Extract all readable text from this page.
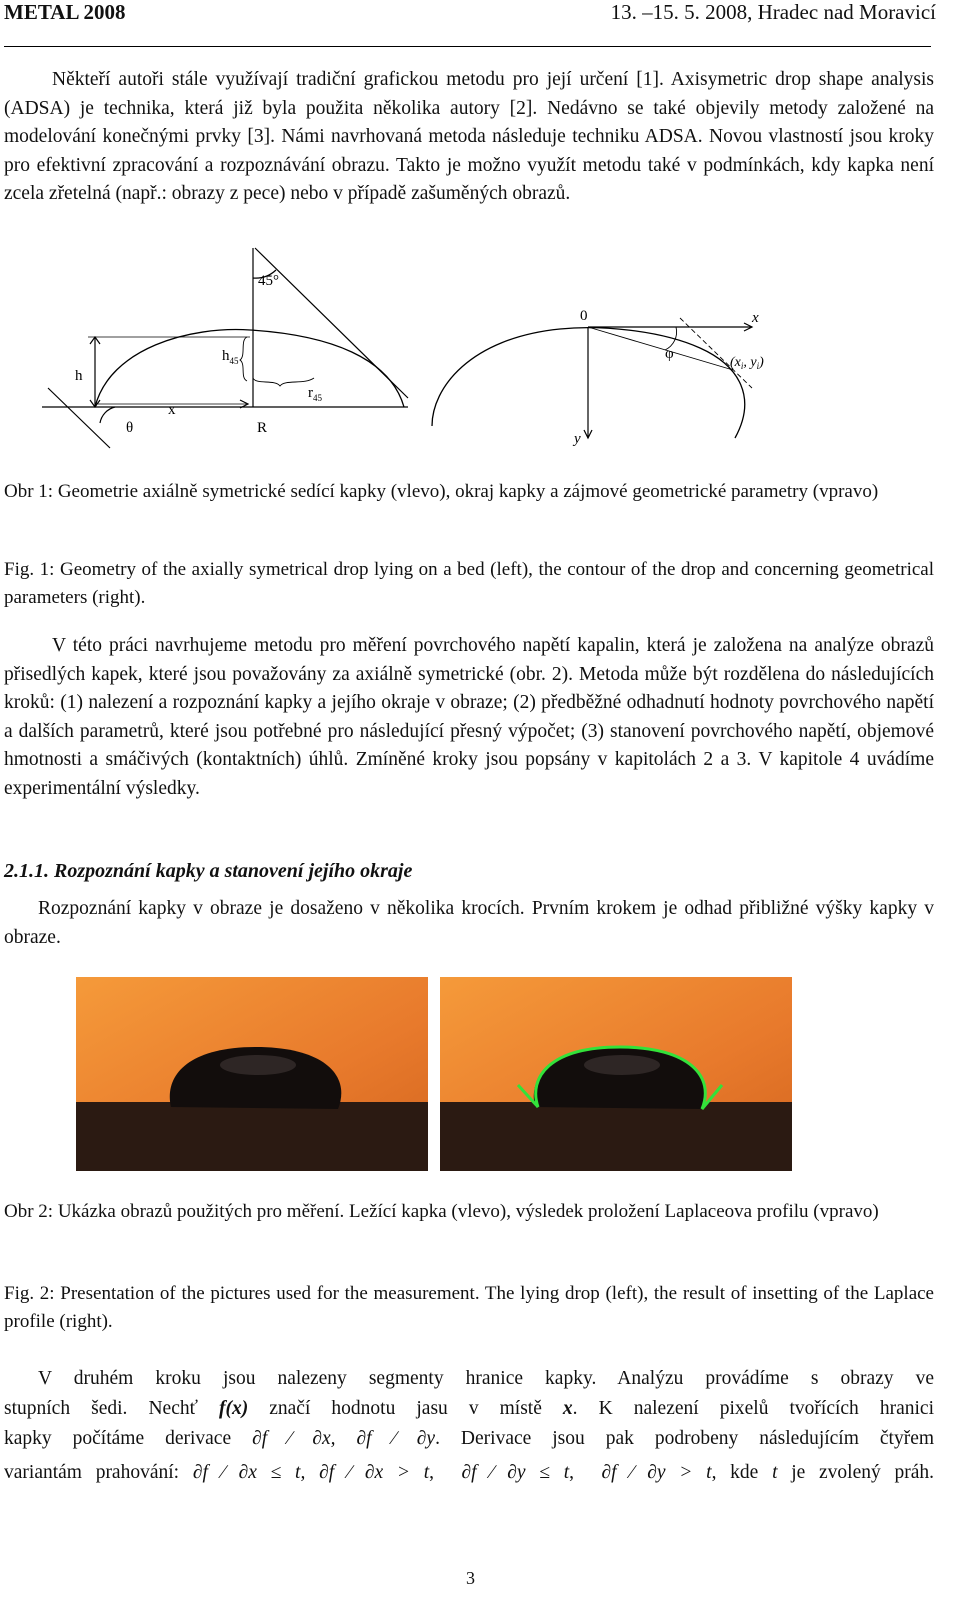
METAL 2008	13. –15. 5. 2008, Hradec nad Moravicí
Někteří autoři stále využívají tradiční grafickou metodu pro její určení [1]. Axisymetric drop shape analysis (ADSA) je technika, která již byla použita několika autory [2]. Nedávno se také objevily metody založené na modelování konečnými prvky [3]. Námi navrhovaná metoda následuje techniku ADSA. Novou vlastností jsou kroky pro efektivní zpracování a rozpoznávání obrazu. Takto je možno využít metodu také v podmínkách, kdy kapka není zcela zřetelná (např.: obrazy z pece) nebo v případě zašuměných obrazů.
45°
h
$h_{45}$
$r_{45}$
x
θ	R
0	x
y
φ
($x_i$, $y_i$)
Obr 1: Geometrie axiálně symetrické sedící kapky (vlevo), okraj kapky a zájmové geometrické parametry (vpravo)
Fig. 1: Geometry of the axially symetrical drop lying on a bed (left), the contour of the drop and concerning geometrical parameters (right).
V této práci navrhujeme metodu pro měření povrchového napětí kapalin, která je založena na analýze obrazů přisedlých kapek, které jsou považovány za axiálně symetrické (obr. 2). Metoda může být rozdělena do následujících kroků: (1) nalezení a rozpoznání kapky a jejího okraje v obraze; (2) předběžné odhadnutí hodnoty povrchového napětí a dalších parametrů, které jsou potřebné pro následující přesný výpočet; (3) stanovení povrchového napětí, objemové hmotnosti a smáčivých (kontaktních) úhlů. Zmíněné kroky jsou popsány v kapitolách 2 a 3. V kapitole 4 uvádíme experimentální výsledky.
2.1.1. Rozpoznání kapky a stanovení jejího okraje
Rozpoznání kapky v obraze je dosaženo v několika krocích. Prvním krokem je odhad přibližné výšky kapky v obraze.
Obr 2: Ukázka obrazů použitých pro měření. Ležící kapka (vlevo), výsledek proložení Laplaceova profilu (vpravo)
Fig. 2: Presentation of the pictures used for the measurement. The lying drop (left), the result of insetting of the Laplace profile (right).
V druhém kroku jsou nalezeny segmenty hranice kapky. Analýzu provádíme s obrazy ve
stupních šedi. Nechť f(x) značí hodnotu jasu v místě x. K nalezení pixelů tvořících hranici
kapky počítáme derivace ∂f ∕ ∂x, ∂f ∕ ∂y. Derivace jsou pak podrobeny následujícím čtyřem
variantám prahování: ∂f ∕ ∂x ≤ t, ∂f ∕ ∂x > t,  ∂f ∕ ∂y ≤ t,  ∂f ∕ ∂y > t, kde t je zvolený práh.
3
